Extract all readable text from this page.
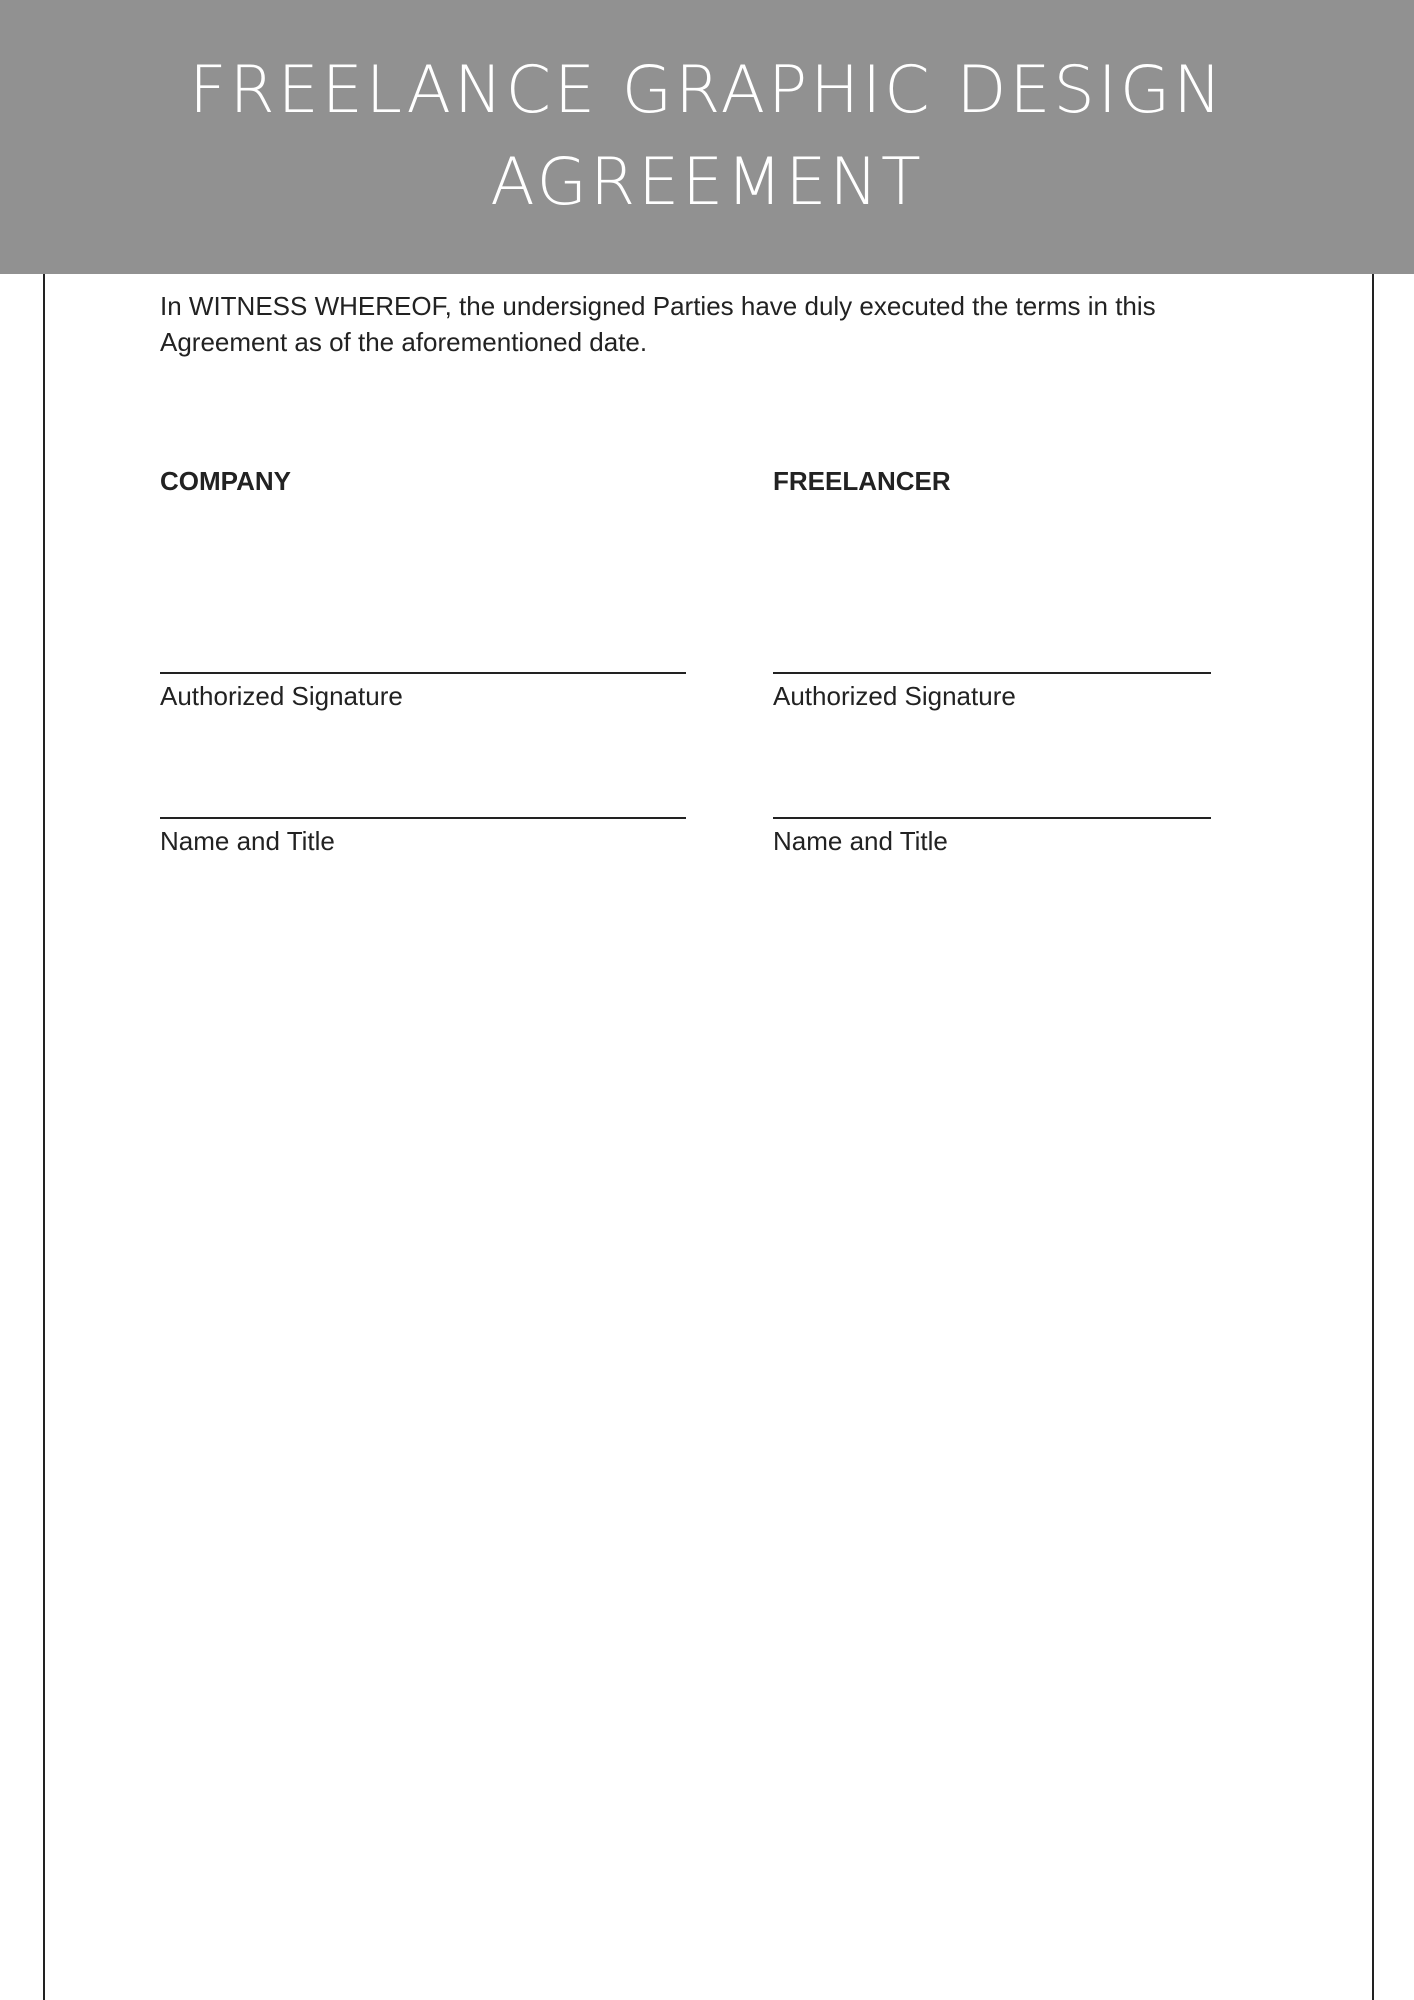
FREELANCE GRAPHIC DESIGN
AGREEMENT
In WITNESS WHEREOF, the undersigned Parties have duly executed the terms in this
Agreement as of the aforementioned date.
COMPANY
Authorized Signature
Name and Title
FREELANCER
Authorized Signature
Name and Title
